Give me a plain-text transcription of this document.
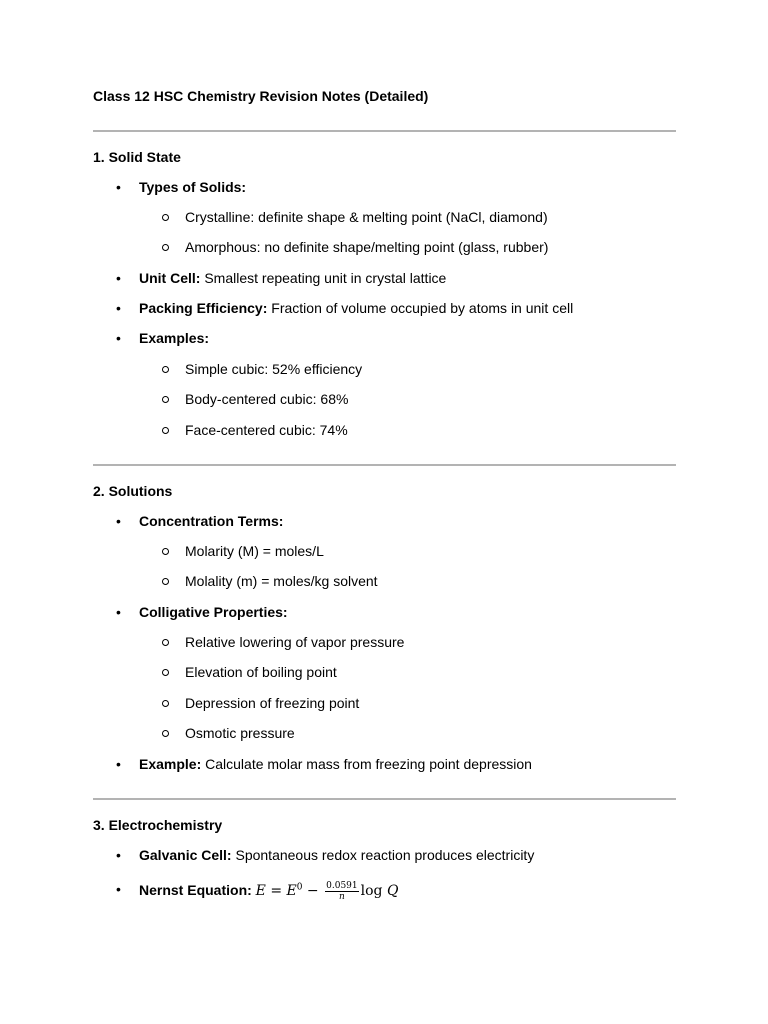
Class 12 HSC Chemistry Revision Notes (Detailed)
1. Solid State
• Types of Solids:
Crystalline: definite shape & melting point (NaCl, diamond)
Amorphous: no definite shape/melting point (glass, rubber)
• Unit Cell: Smallest repeating unit in crystal lattice
• Packing Efficiency: Fraction of volume occupied by atoms in unit cell
• Examples:
Simple cubic: 52% efficiency
Body-centered cubic: 68%
Face-centered cubic: 74%
2. Solutions
• Concentration Terms:
Molarity (M) = moles/L
Molality (m) = moles/kg solvent
• Colligative Properties:
Relative lowering of vapor pressure
Elevation of boiling point
Depression of freezing point
Osmotic pressure
• Example: Calculate molar mass from freezing point depression
3. Electrochemistry
• Galvanic Cell: Spontaneous redox reaction produces electricity
• Nernst Equation: $E = E^0 - \frac{0.0591}{n}$ log Q
